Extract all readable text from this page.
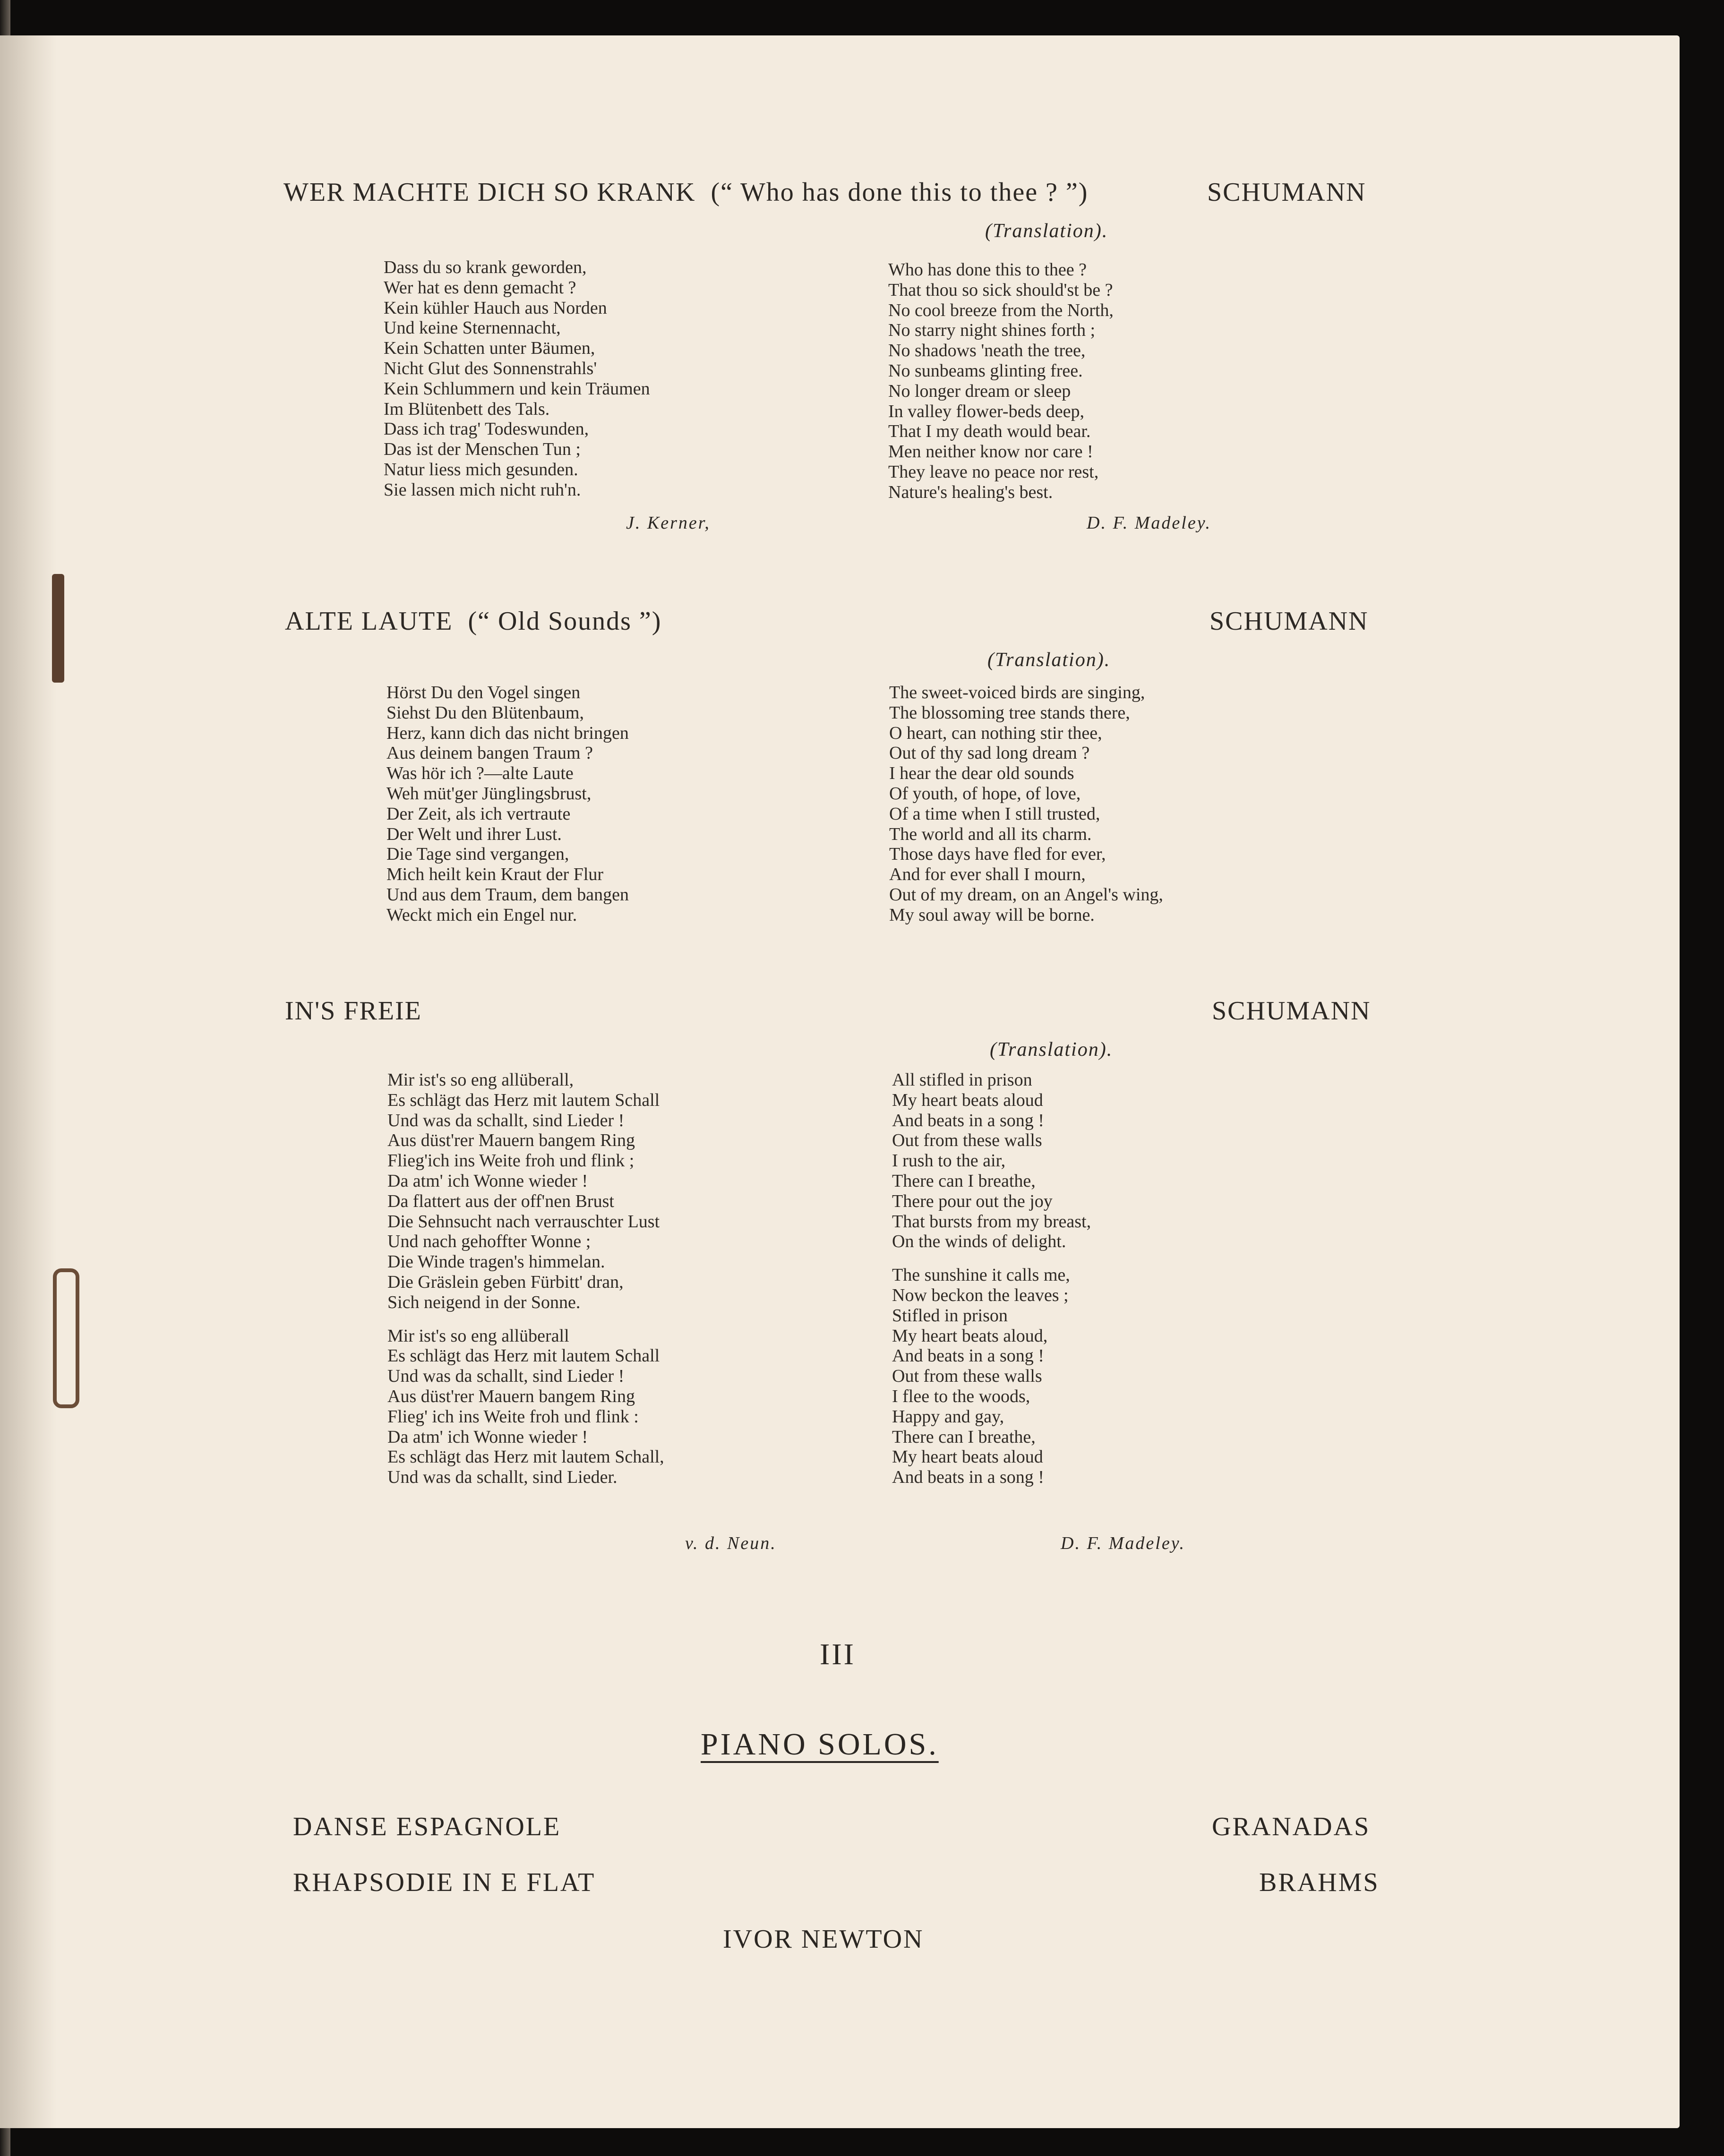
WER MACHTE DICH SO KRANK (“ Who has done this to thee ? ”)	SCHUMANN
(Translation).
Dass du so krank geworden,
Wer hat es denn gemacht ?
Kein kühler Hauch aus Norden
Und keine Sternennacht,
Kein Schatten unter Bäumen,
Nicht Glut des Sonnenstrahls'
Kein Schlummern und kein Träumen
Im Blütenbett des Tals.
Dass ich trag' Todeswunden,
Das ist der Menschen Tun ;
Natur liess mich gesunden.
Sie lassen mich nicht ruh'n.
Who has done this to thee ?
That thou so sick should'st be ?
No cool breeze from the North,
No starry night shines forth ;
No shadows 'neath the tree,
No sunbeams glinting free.
No longer dream or sleep
In valley flower-beds deep,
That I my death would bear.
Men neither know nor care !
They leave no peace nor rest,
Nature's healing's best.
J. Kerner,	D. F. Madeley.
ALTE LAUTE (“ Old Sounds ”)	SCHUMANN
(Translation).
Hörst Du den Vogel singen
Siehst Du den Blütenbaum,
Herz, kann dich das nicht bringen
Aus deinem bangen Traum ?
Was hör ich ?—alte Laute
Weh müt'ger Jünglingsbrust,
Der Zeit, als ich vertraute
Der Welt und ihrer Lust.
Die Tage sind vergangen,
Mich heilt kein Kraut der Flur
Und aus dem Traum, dem bangen
Weckt mich ein Engel nur.
The sweet-voiced birds are singing,
The blossoming tree stands there,
O heart, can nothing stir thee,
Out of thy sad long dream ?
I hear the dear old sounds
Of youth, of hope, of love,
Of a time when I still trusted,
The world and all its charm.
Those days have fled for ever,
And for ever shall I mourn,
Out of my dream, on an Angel's wing,
My soul away will be borne.
IN'S FREIE	SCHUMANN
(Translation).
Mir ist's so eng allüberall,
Es schlägt das Herz mit lautem Schall
Und was da schallt, sind Lieder !
Aus düst'rer Mauern bangem Ring
Flieg'ich ins Weite froh und flink ;
Da atm' ich Wonne wieder !
Da flattert aus der off'nen Brust
Die Sehnsucht nach verrauschter Lust
Und nach gehoffter Wonne ;
Die Winde tragen's himmelan.
Die Gräslein geben Fürbitt' dran,
Sich neigend in der Sonne.
Mir ist's so eng allüberall
Es schlägt das Herz mit lautem Schall
Und was da schallt, sind Lieder !
Aus düst'rer Mauern bangem Ring
Flieg' ich ins Weite froh und flink :
Da atm' ich Wonne wieder !
Es schlägt das Herz mit lautem Schall,
Und was da schallt, sind Lieder.
All stifled in prison
My heart beats aloud
And beats in a song !
Out from these walls
I rush to the air,
There can I breathe,
There pour out the joy
That bursts from my breast,
On the winds of delight.
The sunshine it calls me,
Now beckon the leaves ;
Stifled in prison
My heart beats aloud,
And beats in a song !
Out from these walls
I flee to the woods,
Happy and gay,
There can I breathe,
My heart beats aloud
And beats in a song !
v. d. Neun.	D. F. Madeley.
III
PIANO SOLOS.
DANSE ESPAGNOLE	GRANADAS
RHAPSODIE IN E FLAT	BRAHMS
IVOR NEWTON
